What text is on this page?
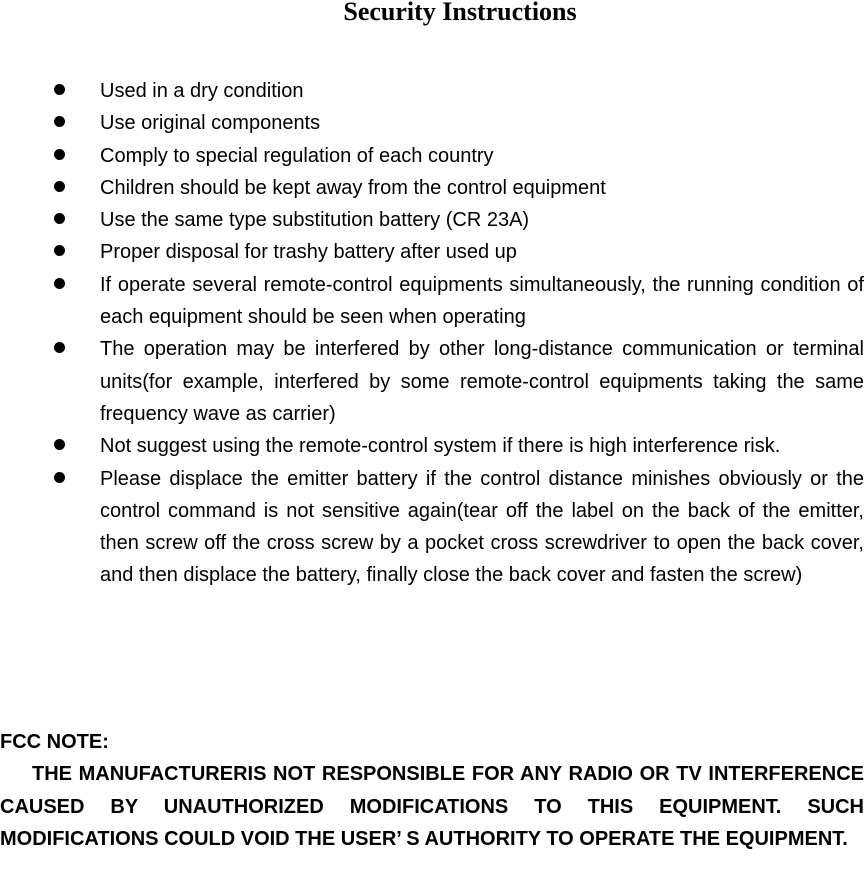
Security Instructions
Used in a dry condition
Use original components
Comply to special regulation of each country
Children should be kept away from the control equipment
Use the same type substitution battery (CR 23A)
Proper disposal for trashy battery after used up
If operate several remote-control equipments simultaneously, the running condition of each equipment should be seen when operating
The operation may be interfered by other long-distance communication or terminal units(for example, interfered by some remote-control equipments taking the same frequency wave as carrier)
Not suggest using the remote-control system if there is high interference risk.
Please displace the emitter battery if the control distance minishes obviously or the control command is not sensitive again(tear off the label on the back of the emitter, then screw off the cross screw by a pocket cross screwdriver to open the back cover, and then displace the battery, finally close the back cover and fasten the screw)
FCC NOTE:

THE MANUFACTURERIS NOT RESPONSIBLE FOR ANY RADIO OR TV INTERFERENCE CAUSED BY UNAUTHORIZED MODIFICATIONS TO THIS EQUIPMENT. SUCH MODIFICATIONS COULD VOID THE USER’ S AUTHORITY TO OPERATE THE EQUIPMENT.
